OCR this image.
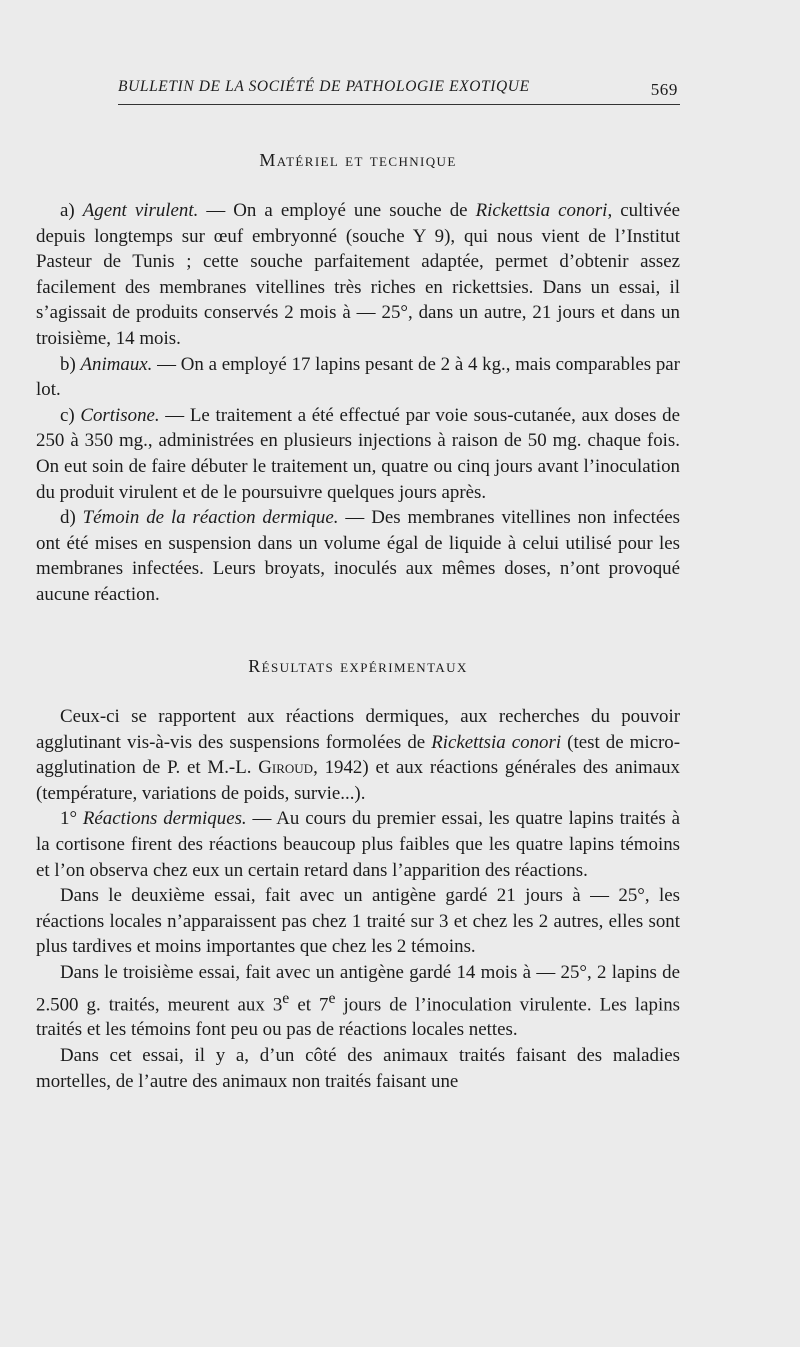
BULLETIN DE LA SOCIÉTÉ DE PATHOLOGIE EXOTIQUE	569
Matériel et technique

a) Agent virulent. — On a employé une souche de Rickettsia conori, cultivée depuis longtemps sur œuf embryonné (souche Y 9), qui nous vient de l’Institut Pasteur de Tunis ; cette souche parfaitement adaptée, permet d’obtenir assez facilement des membranes vitellines très riches en rickettsies. Dans un essai, il s’agissait de produits conservés 2 mois à — 25°, dans un autre, 21 jours et dans un troisième, 14 mois.

b) Animaux. — On a employé 17 lapins pesant de 2 à 4 kg., mais comparables par lot.

c) Cortisone. — Le traitement a été effectué par voie sous-cutanée, aux doses de 250 à 350 mg., administrées en plusieurs injections à raison de 50 mg. chaque fois. On eut soin de faire débuter le traitement un, quatre ou cinq jours avant l’inoculation du produit virulent et de le poursuivre quelques jours après.

d) Témoin de la réaction dermique. — Des membranes vitellines non infectées ont été mises en suspension dans un volume égal de liquide à celui utilisé pour les membranes infectées. Leurs broyats, inoculés aux mêmes doses, n’ont provoqué aucune réaction.

Résultats expérimentaux

Ceux-ci se rapportent aux réactions dermiques, aux recherches du pouvoir agglutinant vis-à-vis des suspensions formolées de Rickettsia conori (test de micro-agglutination de P. et M.-L. Giroud, 1942) et aux réactions générales des animaux (température, variations de poids, survie...).

1° Réactions dermiques. — Au cours du premier essai, les quatre lapins traités à la cortisone firent des réactions beaucoup plus faibles que les quatre lapins témoins et l’on observa chez eux un certain retard dans l’apparition des réactions.

Dans le deuxième essai, fait avec un antigène gardé 21 jours à — 25°, les réactions locales n’apparaissent pas chez 1 traité sur 3 et chez les 2 autres, elles sont plus tardives et moins importantes que chez les 2 témoins.

Dans le troisième essai, fait avec un antigène gardé 14 mois à — 25°, 2 lapins de 2.500 g. traités, meurent aux 3e et 7e jours de l’inoculation virulente. Les lapins traités et les témoins font peu ou pas de réactions locales nettes.

Dans cet essai, il y a, d’un côté des animaux traités faisant des maladies mortelles, de l’autre des animaux non traités faisant une
